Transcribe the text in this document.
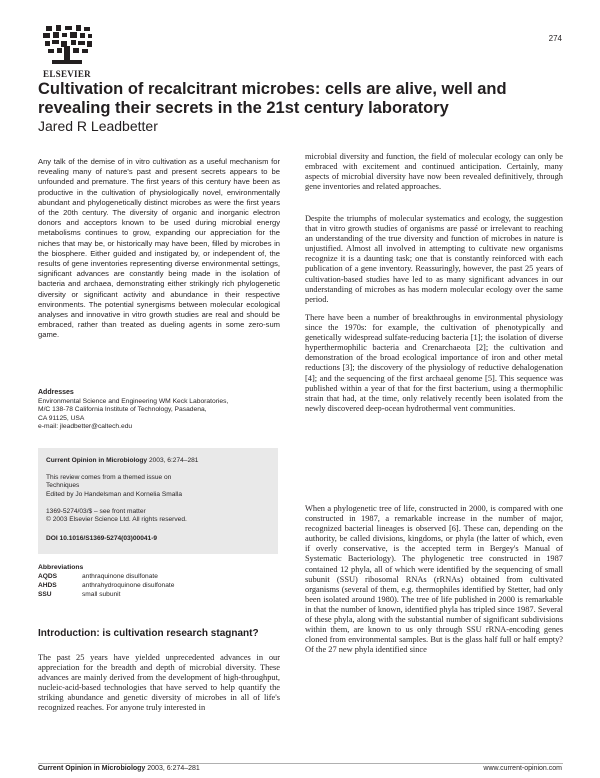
ELSEVIER
274
Cultivation of recalcitrant microbes: cells are alive, well and revealing their secrets in the 21st century laboratory
Jared R Leadbetter

Any talk of the demise of in vitro cultivation as a useful mechanism for revealing many of nature's past and present secrets appears to be unfounded and premature. The first years of this century have been as productive in the cultivation of physiologically novel, environmentally abundant and phylogenetically distinct microbes as were the first years of the 20th century. The diversity of organic and inorganic electron donors and acceptors known to be used during microbial energy metabolisms continues to grow, expanding our appreciation for the niches that may be, or historically may have been, filled by microbes in the biosphere. Either guided and instigated by, or independent of, the results of gene inventories representing diverse environmental settings, significant advances are constantly being made in the isolation of bacteria and archaea, demonstrating either strikingly rich phylogenetic diversity or significant activity and abundance in their respective environments. The potential synergisms between molecular ecological analyses and innovative in vitro growth studies are real and should be embraced, rather than treated as dueling agents in some zero-sum game.

Addresses
Environmental Science and Engineering WM Keck Laboratories,
M/C 138-78 California Institute of Technology, Pasadena,
CA 91125, USA
e-mail: jleadbetter@caltech.edu
Current Opinion in Microbiology 2003, 6:274–281
This review comes from a themed issue on
Techniques
Edited by Jo Handelsman and Kornelia Smalla
1369-5274/03/$ – see front matter
© 2003 Elsevier Science Ltd. All rights reserved.
DOI 10.1016/S1369-5274(03)00041-9
Abbreviations
AQDS	anthraquinone disulfonate
AHDS	anthrahydroquinone disulfonate
SSU	small subunit
Introduction: is cultivation research stagnant?

The past 25 years have yielded unprecedented advances in our appreciation for the breadth and depth of microbial diversity. These advances are mainly derived from the development of high-throughput, nucleic-acid-based technologies that have served to help quantify the striking abundance and genetic diversity of microbes in all of life's recognized reaches. For anyone truly interested in

microbial diversity and function, the field of molecular ecology can only be embraced with excitement and continued anticipation. Certainly, many aspects of microbial diversity have now been revealed definitively, through gene inventories and related approaches.

Despite the triumphs of molecular systematics and ecology, the suggestion that in vitro growth studies of organisms are passé or irrelevant to reaching an understanding of the true diversity and function of microbes in nature is unjustified. Almost all involved in attempting to cultivate new organisms recognize it is a daunting task; one that is constantly reinforced with each publication of a gene inventory. Reassuringly, however, the past 25 years of cultivation-based studies have led to as many significant advances in our understanding of microbes as has modern molecular ecology over the same period.

There have been a number of breakthroughs in environmental physiology since the 1970s: for example, the cultivation of phenotypically and genetically widespread sulfate-reducing bacteria [1]; the isolation of diverse hyperthermophilic bacteria and Crenarchaeota [2]; the cultivation and demonstration of the broad ecological importance of iron and other metal reductions [3]; the discovery of the physiology of reductive dehalogenation [4]; and the sequencing of the first archaeal genome [5]. This sequence was published within a year of that for the first bacterium, using a thermophilic strain that had, at the time, only relatively recently been isolated from the newly discovered deep-ocean hydrothermal vent communities.

When a phylogenetic tree of life, constructed in 2000, is compared with one constructed in 1987, a remarkable increase in the number of major, recognized bacterial lineages is observed [6]. These can, depending on the authority, be called divisions, kingdoms, or phyla (the latter of which, even if overly conservative, is the accepted term in Bergey's Manual of Systematic Bacteriology). The phylogenetic tree constructed in 1987 contained 12 phyla, all of which were identified by the sequencing of small subunit (SSU) ribosomal RNAs (rRNAs) obtained from cultivated organisms (several of them, e.g. thermophiles identified by Stetter, had only been isolated around 1980). The tree of life published in 2000 is remarkable in that the number of known, identified phyla has tripled since 1987. Several of these phyla, along with the substantial number of significant subdivisions within them, are known to us only through SSU rRNA-encoding genes cloned from environmental samples. But is the glass half full or half empty? Of the 27 new phyla identified since

Current Opinion in Microbiology 2003, 6:274–281	www.current-opinion.com
